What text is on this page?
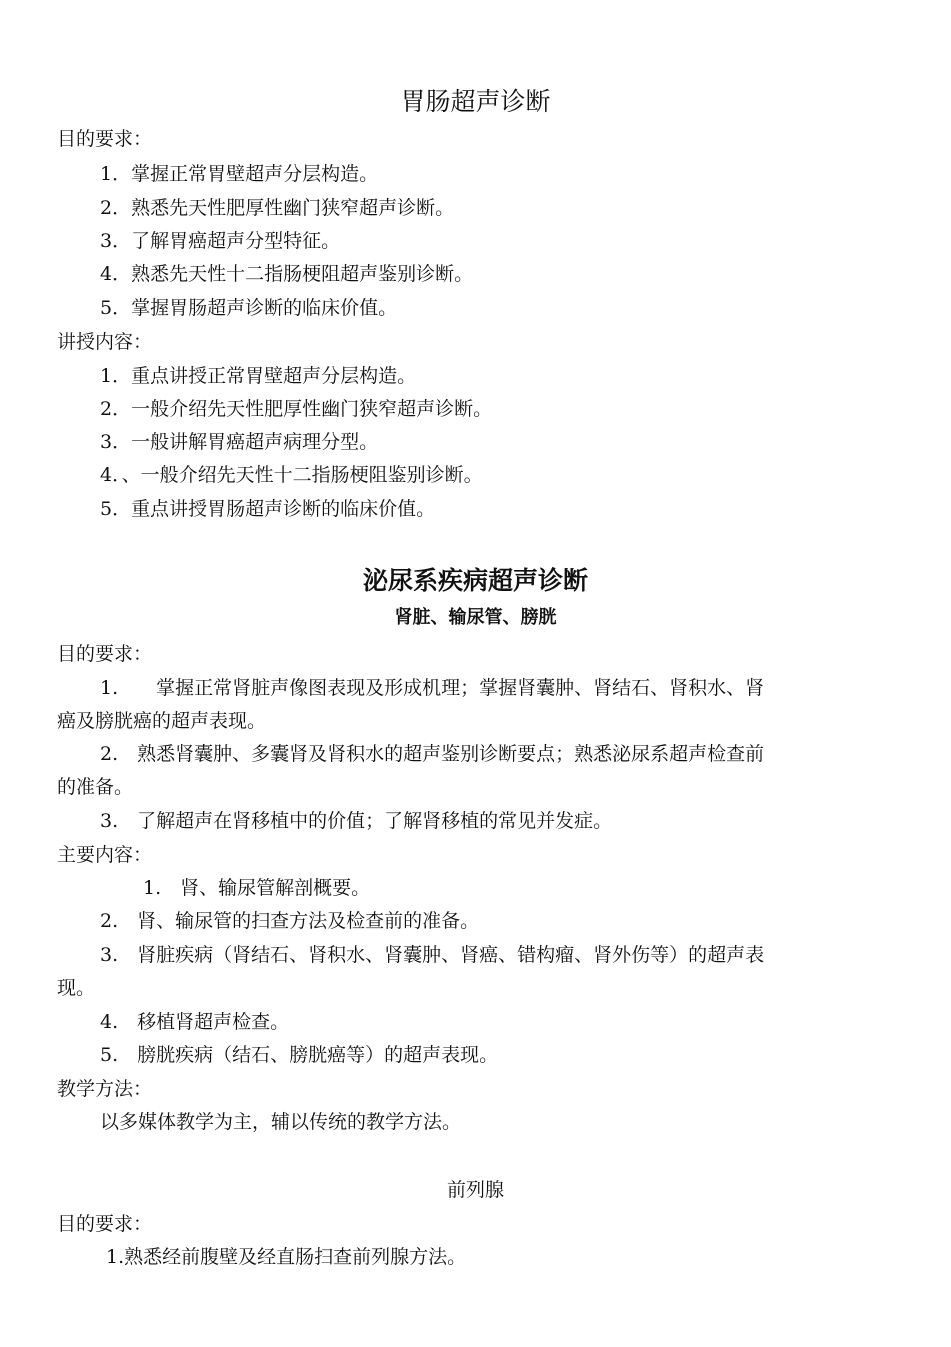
胃肠超声诊断
目的要求：
1．掌握正常胃壁超声分层构造。
2．熟悉先天性肥厚性幽门狭窄超声诊断。
3．了解胃癌超声分型特征。
4．熟悉先天性十二指肠梗阻超声鉴别诊断。
5．掌握胃肠超声诊断的临床价值。
讲授内容：
1．重点讲授正常胃壁超声分层构造。
2．一般介绍先天性肥厚性幽门狭窄超声诊断。
3．一般讲解胃癌超声病理分型。
4．、一般介绍先天性十二指肠梗阻鉴别诊断。
5．重点讲授胃肠超声诊断的临床价值。
泌尿系疾病超声诊断
肾脏、输尿管、膀胱
目的要求：
1.　　掌握正常肾脏声像图表现及形成机理；掌握肾囊肿、肾结石、肾积水、肾
癌及膀胱癌的超声表现。
2.　熟悉肾囊肿、多囊肾及肾积水的超声鉴别诊断要点；熟悉泌尿系超声检查前
的准备。
3.　了解超声在肾移植中的价值；了解肾移植的常见并发症。
主要内容：
1.　肾、输尿管解剖概要。
2.　肾、输尿管的扫查方法及检查前的准备。
3.　肾脏疾病（肾结石、肾积水、肾囊肿、肾癌、错构瘤、肾外伤等）的超声表
现。
4.　移植肾超声检查。
5.　膀胱疾病（结石、膀胱癌等）的超声表现。
教学方法：
以多媒体教学为主，辅以传统的教学方法。
前列腺
目的要求：
1.熟悉经前腹壁及经直肠扫查前列腺方法。
